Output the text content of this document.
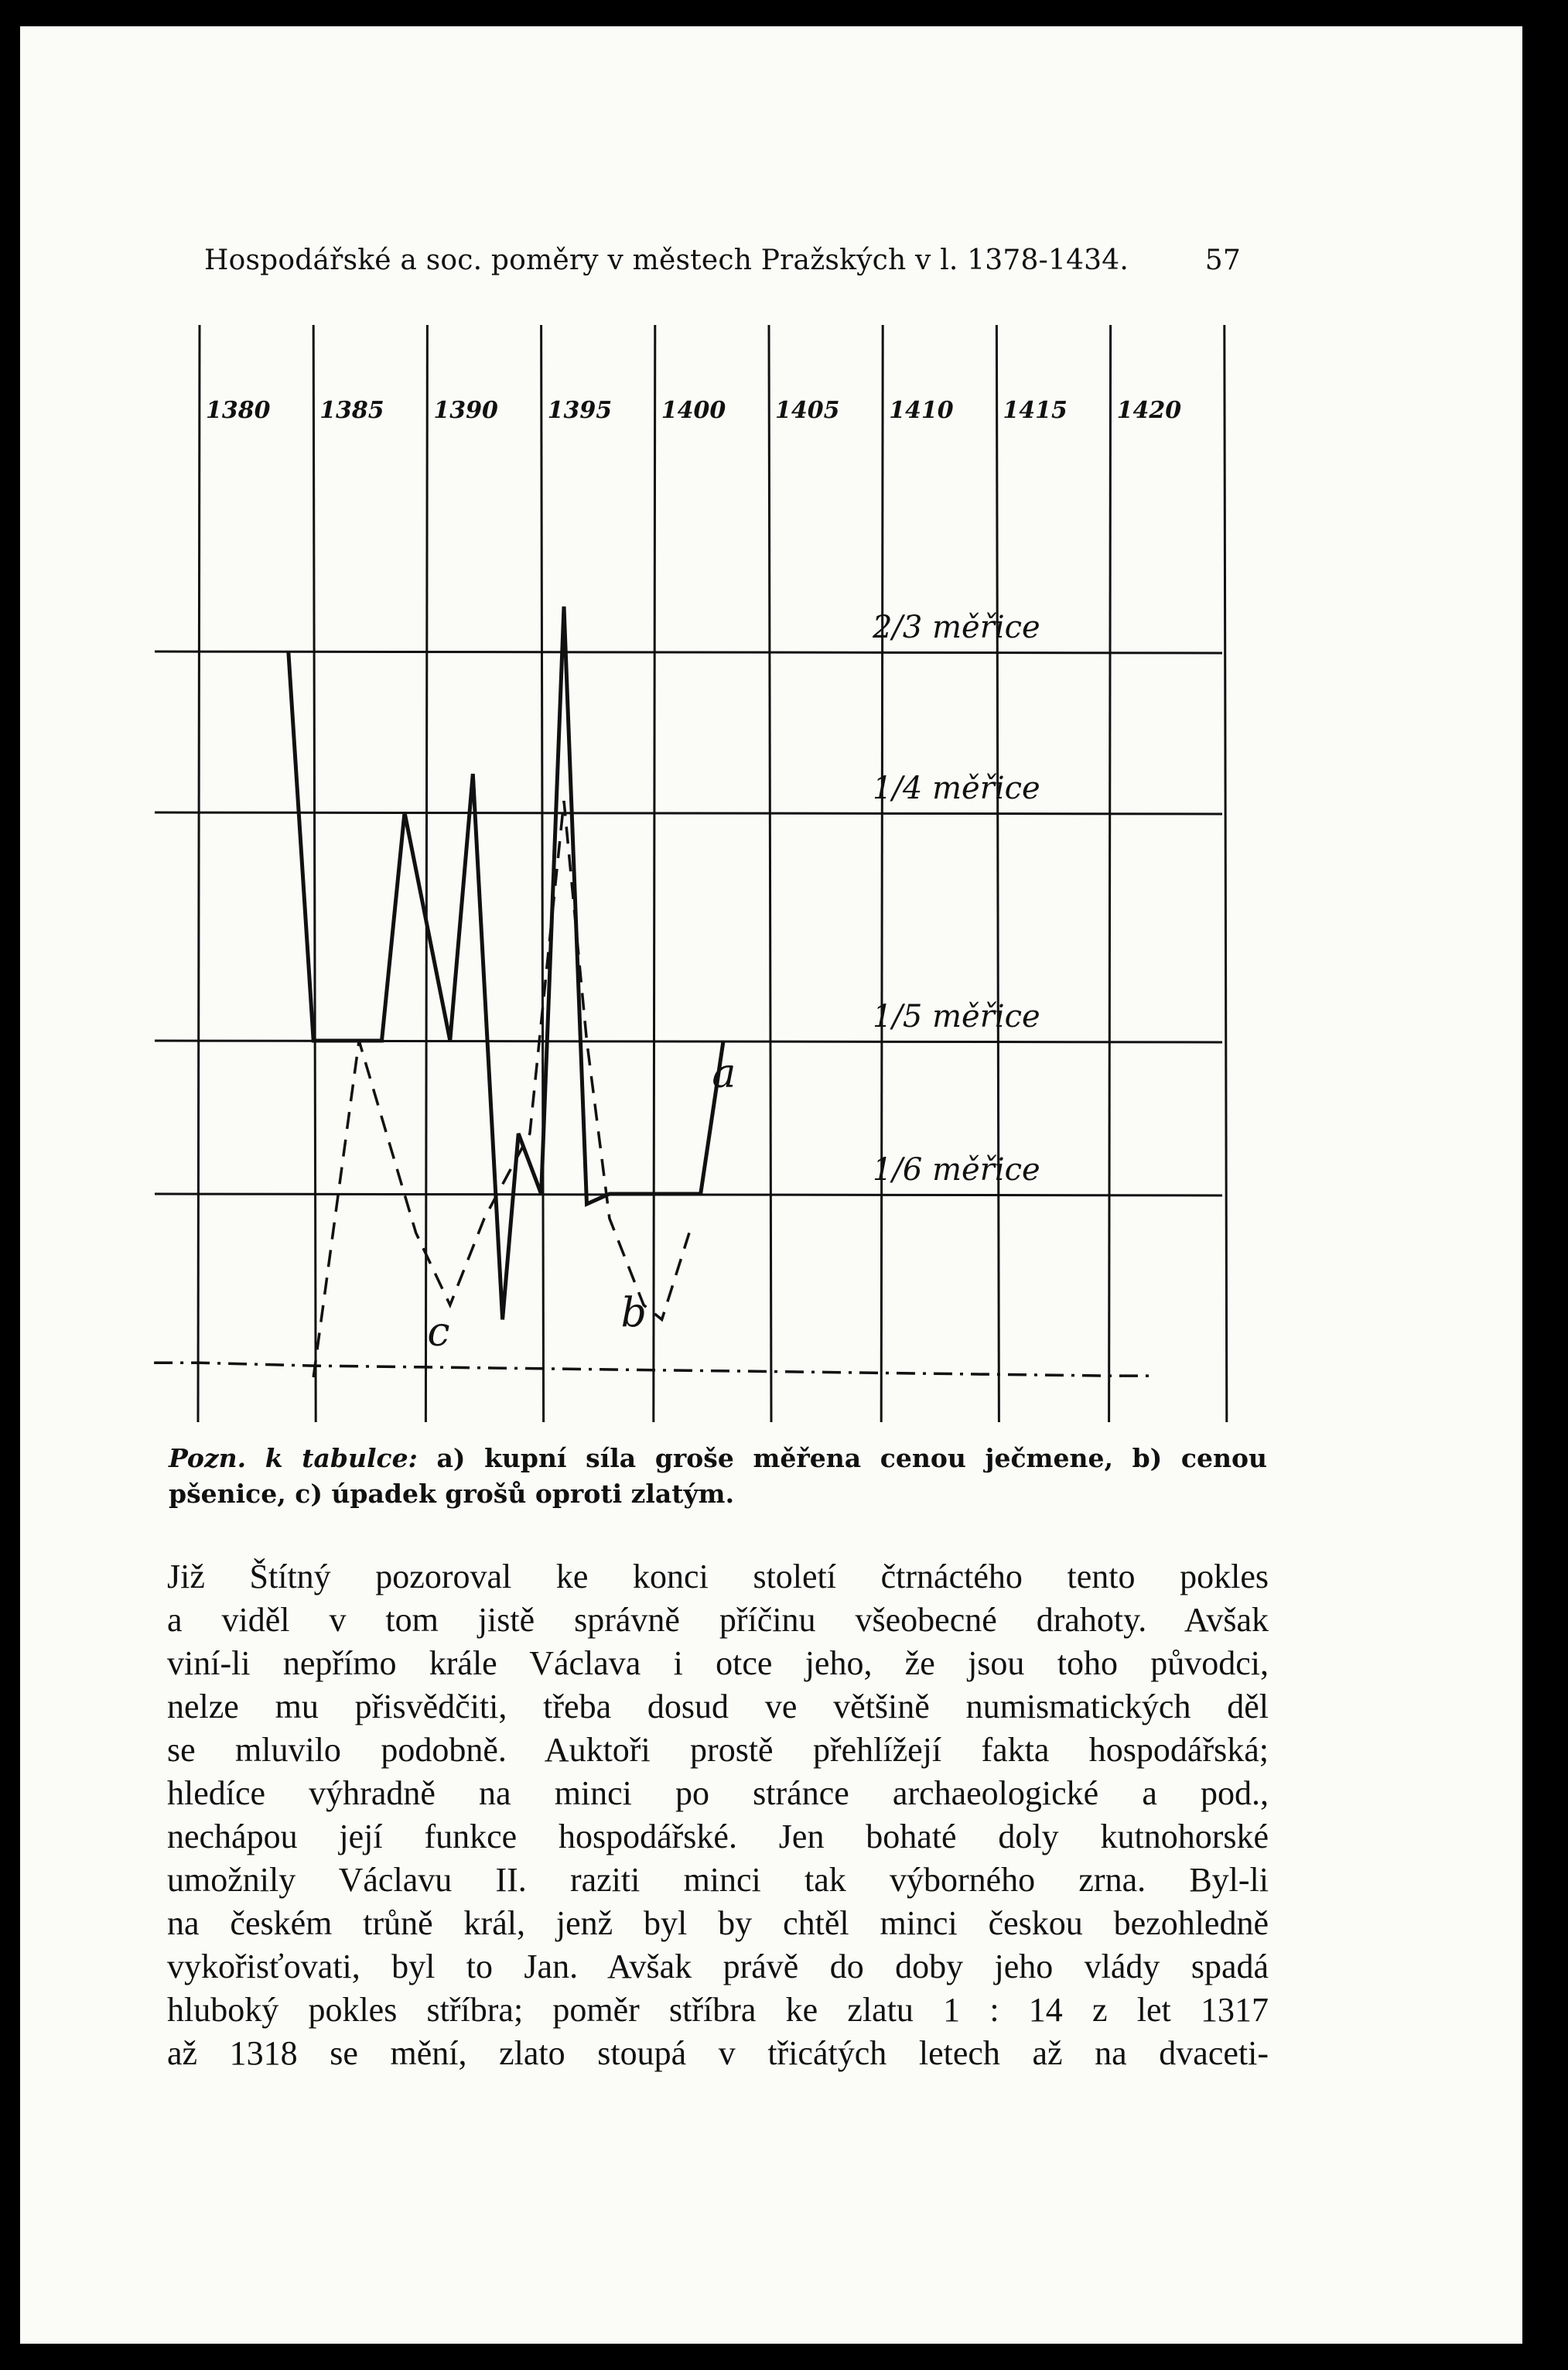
Hospodářské a soc. poměry v městech Pražských v l. 1378-1434.	57
1380 1385 1390 1395 1400 1405 1410 1415 1420
2/3 měřice
1/4 měřice
1/5 měřice
1/6 měřice
a
b
c
Pozn. k tabulce: a) kupní síla groše měřena cenou ječmene, b) cenou pšenice, c) úpadek grošů oproti zlatým.
Již Štítný pozoroval ke konci století čtrnáctého tento pokles
a viděl v tom jistě správně příčinu všeobecné drahoty. Avšak
viní-li nepřímo krále Václava i otce jeho, že jsou toho původci,
nelze mu přisvědčiti, třeba dosud ve většině numismatických děl
se mluvilo podobně. Auktoři prostě přehlížejí fakta hospodářská;
hledíce výhradně na minci po stránce archaeologické a pod.,
nechápou její funkce hospodářské. Jen bohaté doly kutnohorské
umožnily Václavu II. raziti minci tak výborného zrna. Byl-li
na českém trůně král, jenž byl by chtěl minci českou bezohledně
vykořisťovati, byl to Jan. Avšak právě do doby jeho vlády spadá
hluboký pokles stříbra; poměr stříbra ke zlatu 1 : 14 z let 1317
až 1318 se mění, zlato stoupá v třicátých letech až na dvaceti-
